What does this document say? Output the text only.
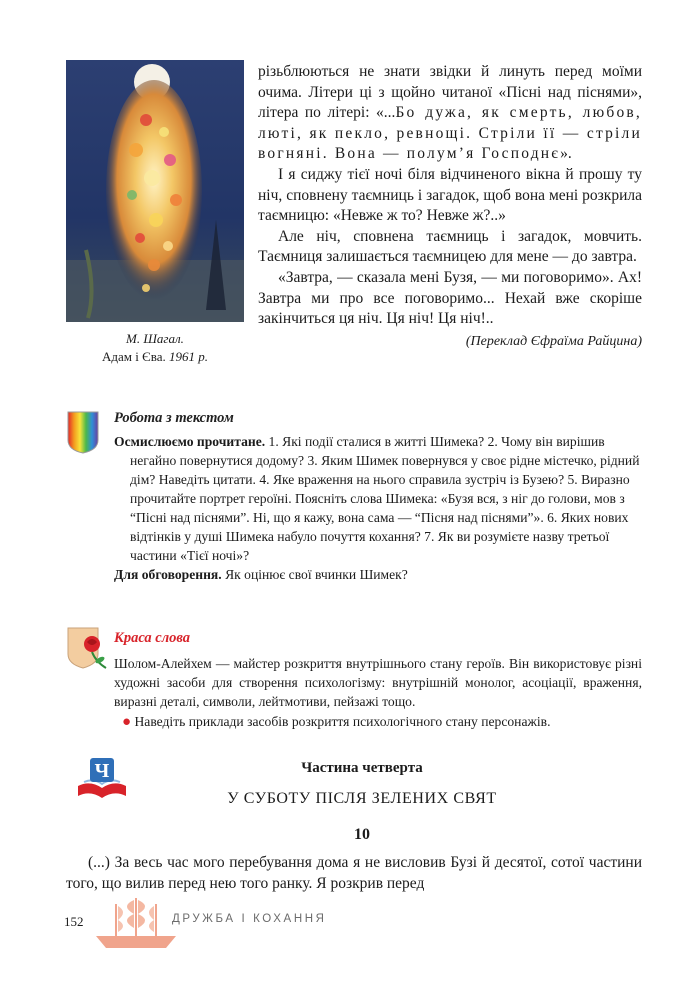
М. Шагал.
Адам і Єва. 1961 р.

різьблюються не знати звідки й линуть перед моїми очима. Літери ці з щойно читаної «Пісні над піснями», літера по літері: «...Бо дужа, як смерть, любов, люті, як пекло, ревнощі. Стріли її — стріли вогняні. Вона — полум’я Господнє».

І я сиджу тієї ночі біля відчиненого вікна й прошу ту ніч, сповнену таємниць і загадок, щоб вона мені розкрила таємницю: «Невже ж то? Невже ж?..»

Але ніч, сповнена таємниць і загадок, мовчить. Таємниця залишається таємницею для мене — до завтра.

«Завтра, — сказала мені Бузя, — ми поговоримо». Ах! Завтра ми про все поговоримо... Нехай вже скоріше закінчиться ця ніч. Ця ніч! Ця ніч!..

(Переклад Єфраїма Райцина)

Робота з текстом

Осмислюємо прочитане. 1. Які події сталися в житті Шимека? 2. Чому він вирішив негайно повернутися додому? 3. Яким Шимек повернувся у своє рідне містечко, рідний дім? Наведіть цитати. 4. Яке враження на нього справила зустріч із Бузею? 5. Виразно прочитайте портрет героїні. Поясніть слова Шимека: «Бузя вся, з ніг до голови, мов з “Пісні над піснями”. Ні, що я кажу, вона сама — “Пісня над піснями”». 6. Яких нових відтінків у душі Шимека набуло почуття кохання? 7. Як ви розумієте назву третьої частини «Тієї ночі»?

Для обговорення. Як оцінює свої вчинки Шимек?

Краса слова

Шолом-Алейхем — майстер розкриття внутрішнього стану героїв. Він використовує різні художні засоби для створення психологізму: внутрішній монолог, асоціації, враження, виразні деталі, символи, лейтмотиви, пейзажі тощо.

● Наведіть приклади засобів розкриття психологічного стану персонажів.

Ч	Частина четверта
У СУБОТУ ПІСЛЯ ЗЕЛЕНИХ СВЯТ
10

(...) За весь час мого перебування дома я не висловив Бузі й десятої, сотої частини того, що вилив перед нею того ранку. Я розкрив перед

152	ДРУЖБА І КОХАННЯ
